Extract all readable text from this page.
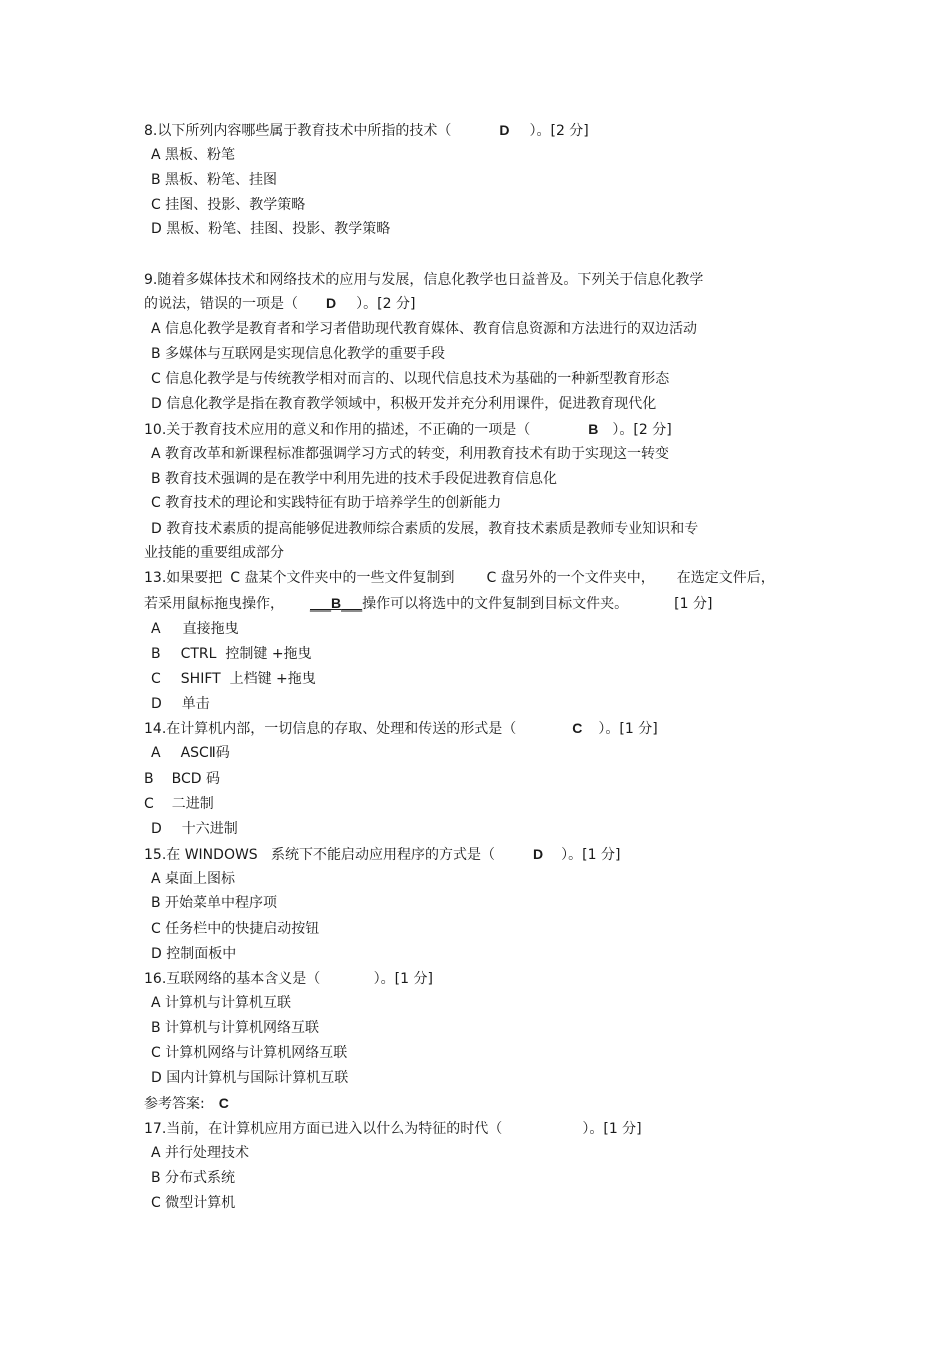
8.以下所列内容哪些属于教育技术中所指的技术（	D ）。[2 分]
A 黑板、粉笔
B 黑板、粉笔、挂图
C 挂图、投影、教学策略
D 黑板、粉笔、挂图、投影、教学策略
9.随着多媒体技术和网络技术的应用与发展，信息化教学也日益普及。下列关于信息化教学
的说法，错误的一项是（ D ）。[2 分]
A 信息化教学是教育者和学习者借助现代教育媒体、教育信息资源和方法进行的双边活动
B 多媒体与互联网是实现信息化教学的重要手段
C 信息化教学是与传统教学相对而言的、以现代信息技术为基础的一种新型教育形态
D 信息化教学是指在教育教学领域中，积极开发并充分利用课件，促进教育现代化
10.关于教育技术应用的意义和作用的描述，不正确的一项是（	B ）。[2 分]
A 教育改革和新课程标准都强调学习方式的转变，利用教育技术有助于实现这一转变
B 教育技术强调的是在教学中利用先进的技术手段促进教育信息化
C 教育技术的理论和实践特征有助于培养学生的创新能力
D 教育技术素质的提高能够促进教师综合素质的发展，教育技术素质是教师专业知识和专
业技能的重要组成部分
13.如果要把 C 盘某个文件夹中的一些文件复制到 C 盘另外的一个文件夹中， 在选定文件后，
若采用鼠标拖曳操作， ___B___操作可以将选中的文件复制到目标文件夹。	[1 分]
A 直接拖曳
B CTRL  控制键 +拖曳
C SHIFT  上档键 +拖曳
D 单击
14.在计算机内部，一切信息的存取、处理和传送的形式是（	C ）。[1 分]
A ASCⅡ码
B BCD 码
C 二进制
D 十六进制
15.在 WINDOWS   系统下不能启动应用程序的方式是（	D ）。[1 分]
A 桌面上图标
B 开始菜单中程序项
C 任务栏中的快捷启动按钮
D 控制面板中
16.互联网络的基本含义是（            ）。[1 分]
A 计算机与计算机互联
B 计算机与计算机网络互联
C 计算机网络与计算机网络互联
D 国内计算机与国际计算机互联
参考答案: C
17.当前，在计算机应用方面已进入以什么为特征的时代（                  ）。[1 分]
A 并行处理技术
B 分布式系统
C 微型计算机
